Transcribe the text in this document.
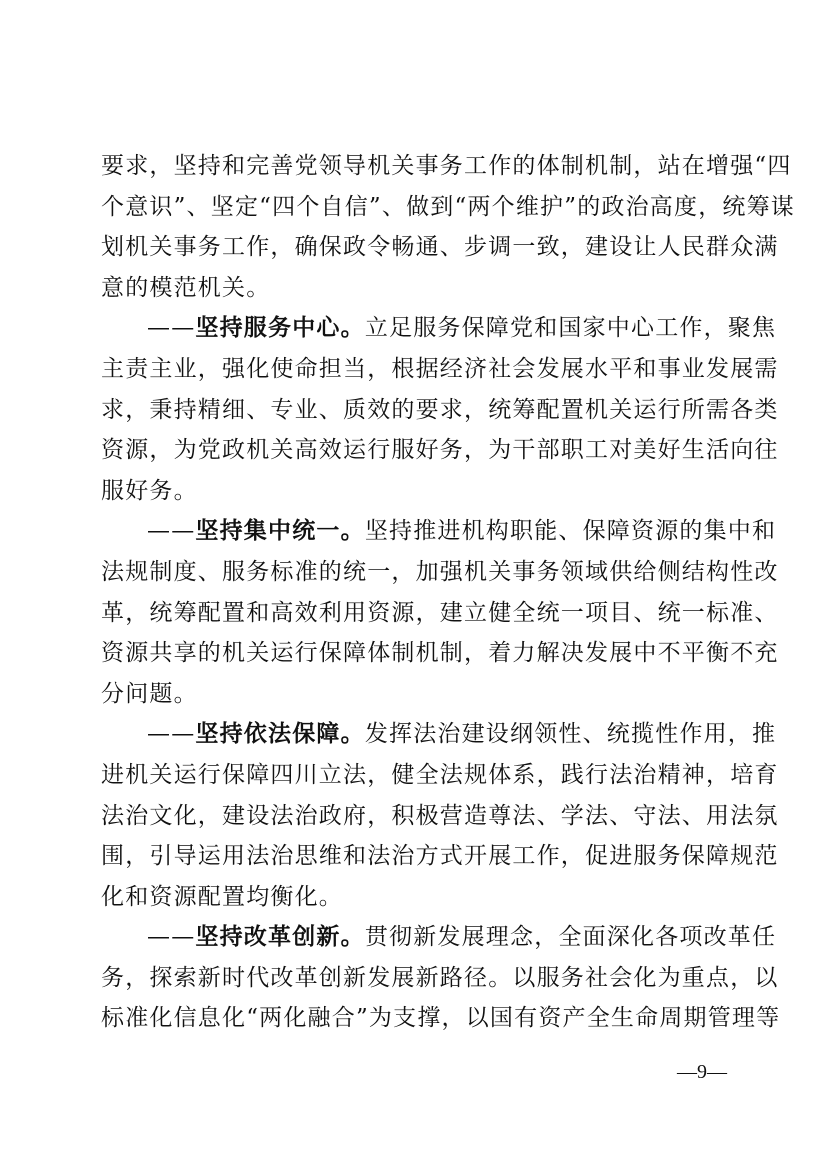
要求，坚持和完善党领导机关事务工作的体制机制，站在增强“四
个意识”、坚定“四个自信”、做到“两个维护”的政治高度，统筹谋
划机关事务工作，确保政令畅通、步调一致，建设让人民群众满
意的模范机关。
——坚持服务中心。立足服务保障党和国家中心工作，聚焦
主责主业，强化使命担当，根据经济社会发展水平和事业发展需
求，秉持精细、专业、质效的要求，统筹配置机关运行所需各类
资源，为党政机关高效运行服好务，为干部职工对美好生活向往
服好务。
——坚持集中统一。坚持推进机构职能、保障资源的集中和
法规制度、服务标准的统一，加强机关事务领域供给侧结构性改
革，统筹配置和高效利用资源，建立健全统一项目、统一标准、
资源共享的机关运行保障体制机制，着力解决发展中不平衡不充
分问题。
——坚持依法保障。发挥法治建设纲领性、统揽性作用，推
进机关运行保障四川立法，健全法规体系，践行法治精神，培育
法治文化，建设法治政府，积极营造尊法、学法、守法、用法氛
围，引导运用法治思维和法治方式开展工作，促进服务保障规范
化和资源配置均衡化。
——坚持改革创新。贯彻新发展理念，全面深化各项改革任
务，探索新时代改革创新发展新路径。以服务社会化为重点，以
标准化信息化“两化融合”为支撑，以国有资产全生命周期管理等
—9—
